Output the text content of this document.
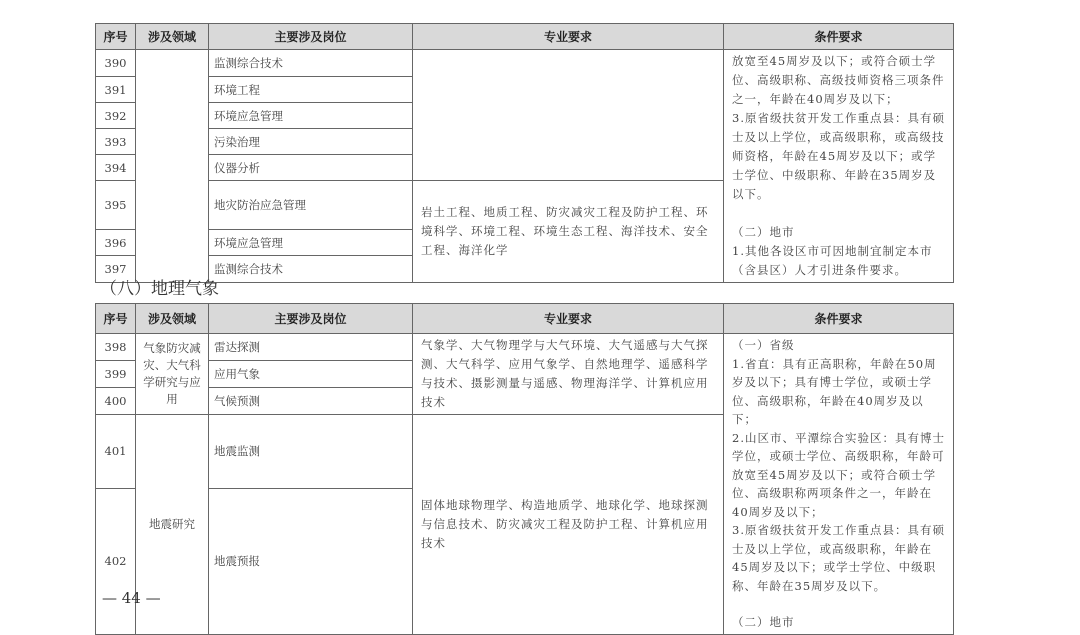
序号	涉及领域	主要涉及岗位	专业要求	条件要求
390		监测综合技术		放宽至45周岁及以下；或符合硕士学位、高级职称、高级技师资格三项条件之一，年龄在40周岁及以下；
3.原省级扶贫开发工作重点县：具有硕士及以上学位，或高级职称，或高级技师资格，年龄在45周岁及以下；或学士学位、中级职称、年龄在35周岁及以下。
（二）地市
1.其他各设区市可因地制宜制定本市（含县区）人才引进条件要求。

391		环境工程		
392		环境应急管理		
393		污染治理		
394		仪器分析		
395		地灾防治应急管理	岩土工程、地质工程、防灾减灾工程及防护工程、环境科学、环境工程、环境生态工程、海洋技术、安全工程、海洋化学	
396		环境应急管理		
397		监测综合技术		
（八）地理气象
序号	涉及领域	主要涉及岗位	专业要求	条件要求
398	气象防灾减灾、大气科学研究与应用	雷达探测	气象学、大气物理学与大气环境、大气遥感与大气探测、大气科学、应用气象学、自然地理学、遥感科学与技术、摄影测量与遥感、物理海洋学、计算机应用技术	（一）省级
1.省直：具有正高职称，年龄在50周岁及以下；具有博士学位，或硕士学位、高级职称，年龄在40周岁及以下；
2.山区市、平潭综合实验区：具有博士学位，或硕士学位、高级职称，年龄可放宽至45周岁及以下；或符合硕士学位、高级职称两项条件之一，年龄在40周岁及以下；
3.原省级扶贫开发工作重点县：具有硕士及以上学位，或高级职称，年龄在45周岁及以下；或学士学位、中级职称、年龄在35周岁及以下。
（二）地市

399		应用气象		
400		气候预测		
401	地震研究	地震监测	固体地球物理学、构造地质学、地球化学、地球探测与信息技术、防灾减灾工程及防护工程、计算机应用技术	
402		地震预报		
— 44 —
